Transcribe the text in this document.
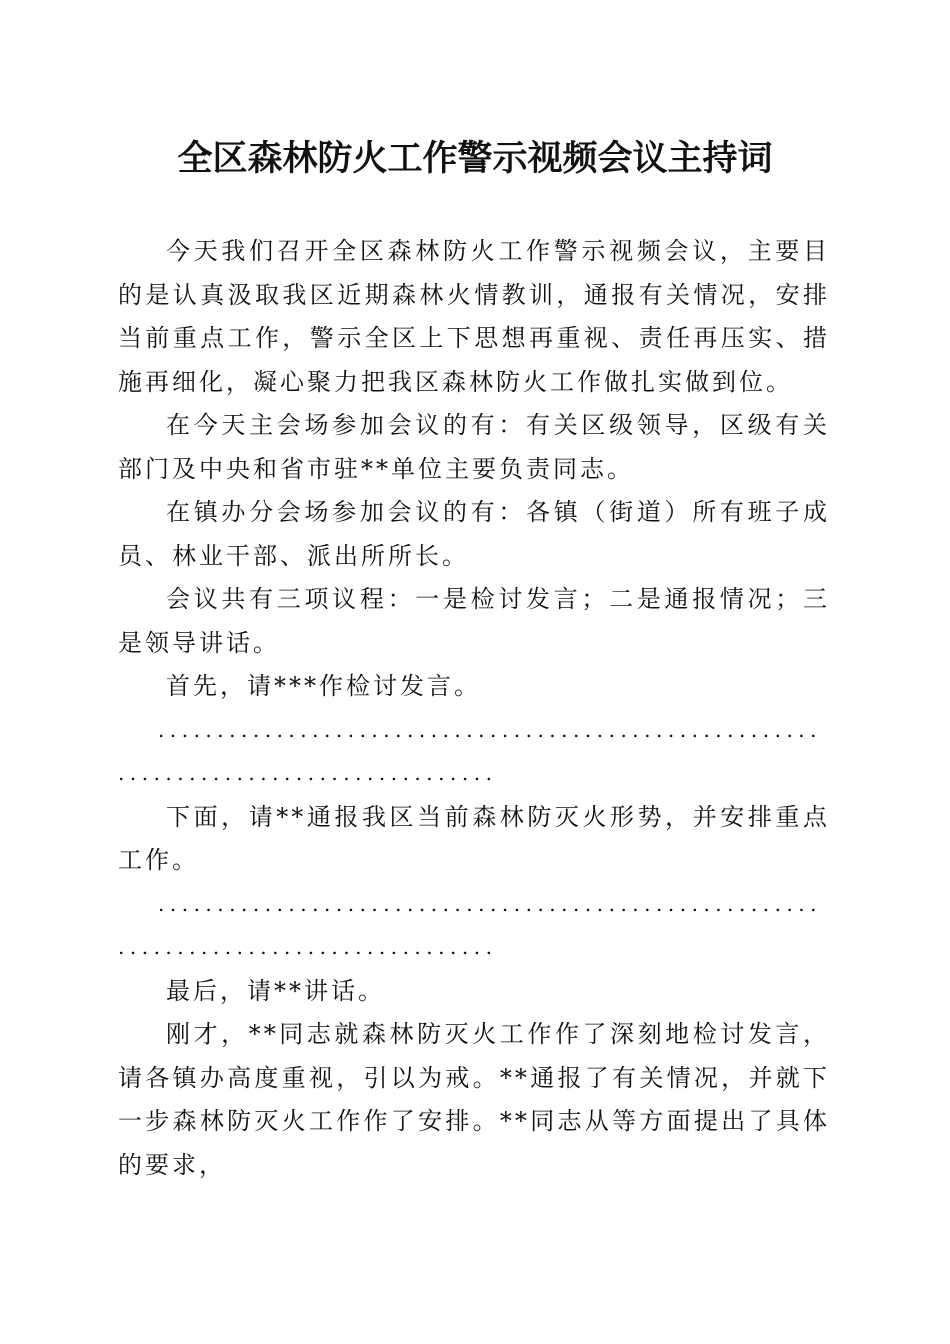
全区森林防火工作警示视频会议主持词

今天我们召开全区森林防火工作警示视频会议，主要目的是认真汲取我区近期森林火情教训，通报有关情况，安排当前重点工作，警示全区上下思想再重视、责任再压实、措施再细化，凝心聚力把我区森林防火工作做扎实做到位。

在今天主会场参加会议的有：有关区级领导，区级有关部门及中央和省市驻**单位主要负责同志。

在镇办分会场参加会议的有：各镇（街道）所有班子成员、林业干部、派出所所长。

会议共有三项议程：一是检讨发言；二是通报情况；三是领导讲话。

首先，请***作检讨发言。

........................................................................................

下面，请**通报我区当前森林防灭火形势，并安排重点工作。

........................................................................................

最后，请**讲话。

刚才，**同志就森林防灭火工作作了深刻地检讨发言，请各镇办高度重视，引以为戒。**通报了有关情况，并就下一步森林防灭火工作作了安排。**同志从等方面提出了具体的要求，
